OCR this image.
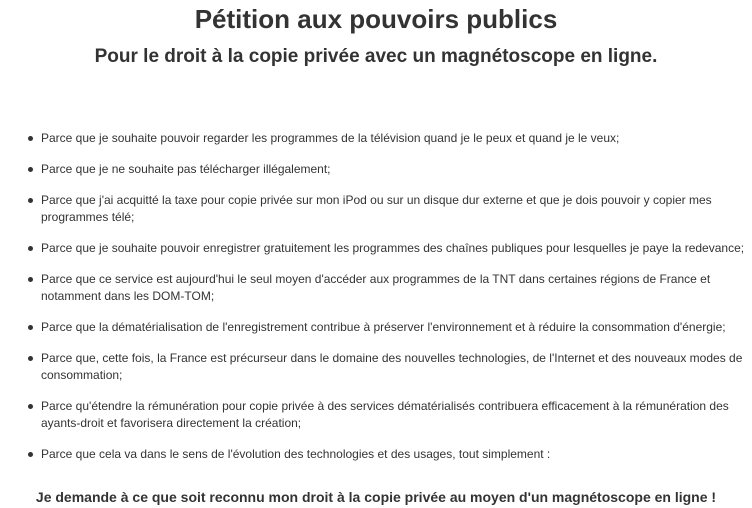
Pétition aux pouvoirs publics
Pour le droit à la copie privée avec un magnétoscope en ligne.
Parce que je souhaite pouvoir regarder les programmes de la télévision quand je le peux et quand je le veux;
Parce que je ne souhaite pas télécharger illégalement;
Parce que j'ai acquitté la taxe pour copie privée sur mon iPod ou sur un disque dur externe et que je dois pouvoir y copier mes programmes télé;
Parce que je souhaite pouvoir enregistrer gratuitement les programmes des chaînes publiques pour lesquelles je paye la redevance;
Parce que ce service est aujourd'hui le seul moyen d'accéder aux programmes de la TNT dans certaines régions de France et notamment dans les DOM-TOM;
Parce que la dématérialisation de l'enregistrement contribue à préserver l'environnement et à réduire la consommation d'énergie;
Parce que, cette fois, la France est précurseur dans le domaine des nouvelles technologies, de l'Internet et des nouveaux modes de consommation;
Parce qu'étendre la rémunération pour copie privée à des services dématérialisés contribuera efficacement à la rémunération des ayants-droit et favorisera directement la création;
Parce que cela va dans le sens de l'évolution des technologies et des usages, tout simplement :

Je demande à ce que soit reconnu mon droit à la copie privée au moyen d'un magnétoscope en ligne !
